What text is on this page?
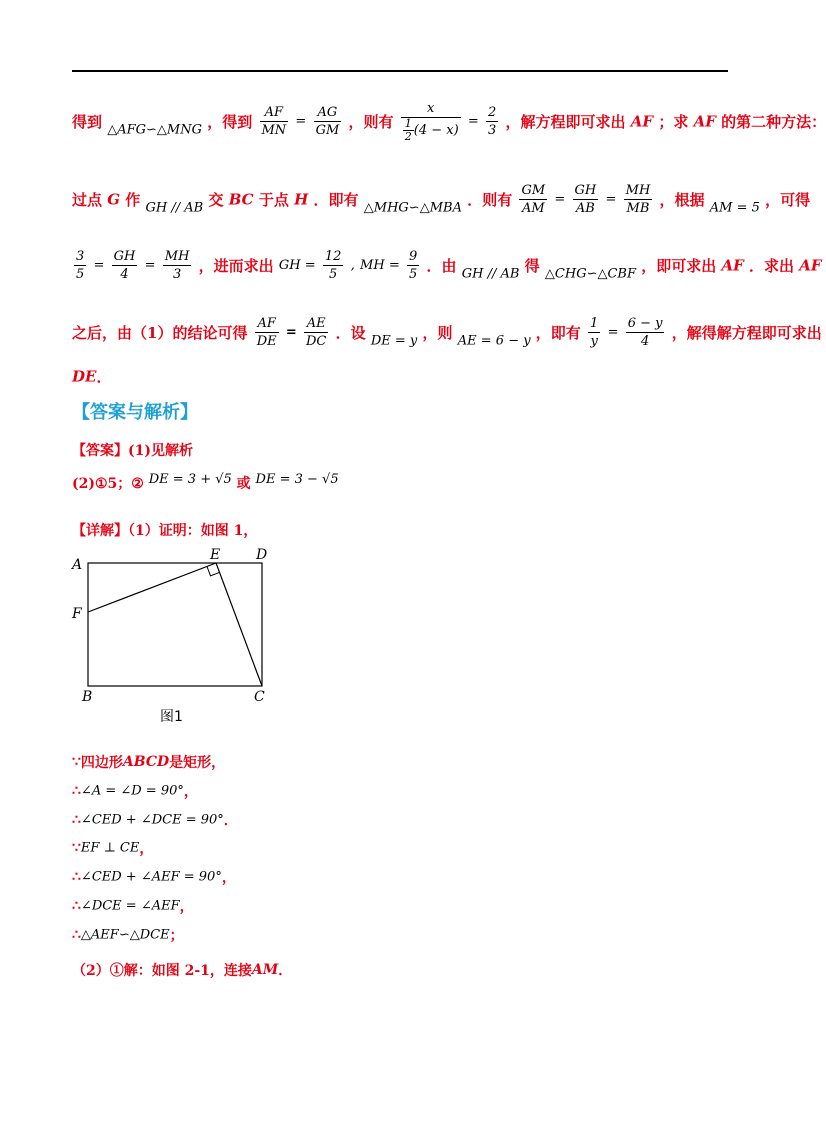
得到 △AFG∽△MNG ，得到 $\frac{AF}{MN} = \frac{AG}{GM}$ ，则有 $\frac{x}{\frac{1}{2} (4 - x)} = \frac{2}{3}$ ，解方程即可求出 AF ；求 AF 的第二种方法：
过点 G 作 GH // AB 交 BC 于点 H ．即有 △MHG∽△MBA ．则有 $\frac{GM}{AM} = \frac{GH}{AB} = \frac{MH}{MB}$ ，根据 AM = 5 ，可得
$\frac{3}{5} = \frac{GH}{4} = \frac{MH}{3}$ ，进而求出 GH = $\frac{12}{5}$ , MH = $\frac{9}{5}$ ．由 GH // AB 得 △CHG∽△CBF ，即可求出 AF ．求出 AF
之后，由（1）的结论可得 $\frac{AF}{DE} = \frac{AE}{DC}$ ．设 DE = y ，则 AE = 6 − y ，即有 $\frac{1}{y} = \frac{6 - y}{4}$ ，解得解方程即可求出
DE．
【答案与解析】
【答案】(1)见解析
(2)①5；② DE = 3 + √5 或 DE = 3 − √5
【详解】（1）证明：如图 1，
A
F
E	D
B	C
图1
∵四边形ABCD是矩形，
∴∠A = ∠D = 90°，
∴∠CED + ∠DCE = 90°．
∵EF ⊥ CE，
∴∠CED + ∠AEF = 90°，
∴∠DCE = ∠AEF，
∴△AEF∽△DCE；
（2）①解：如图 2-1，连接AM．
